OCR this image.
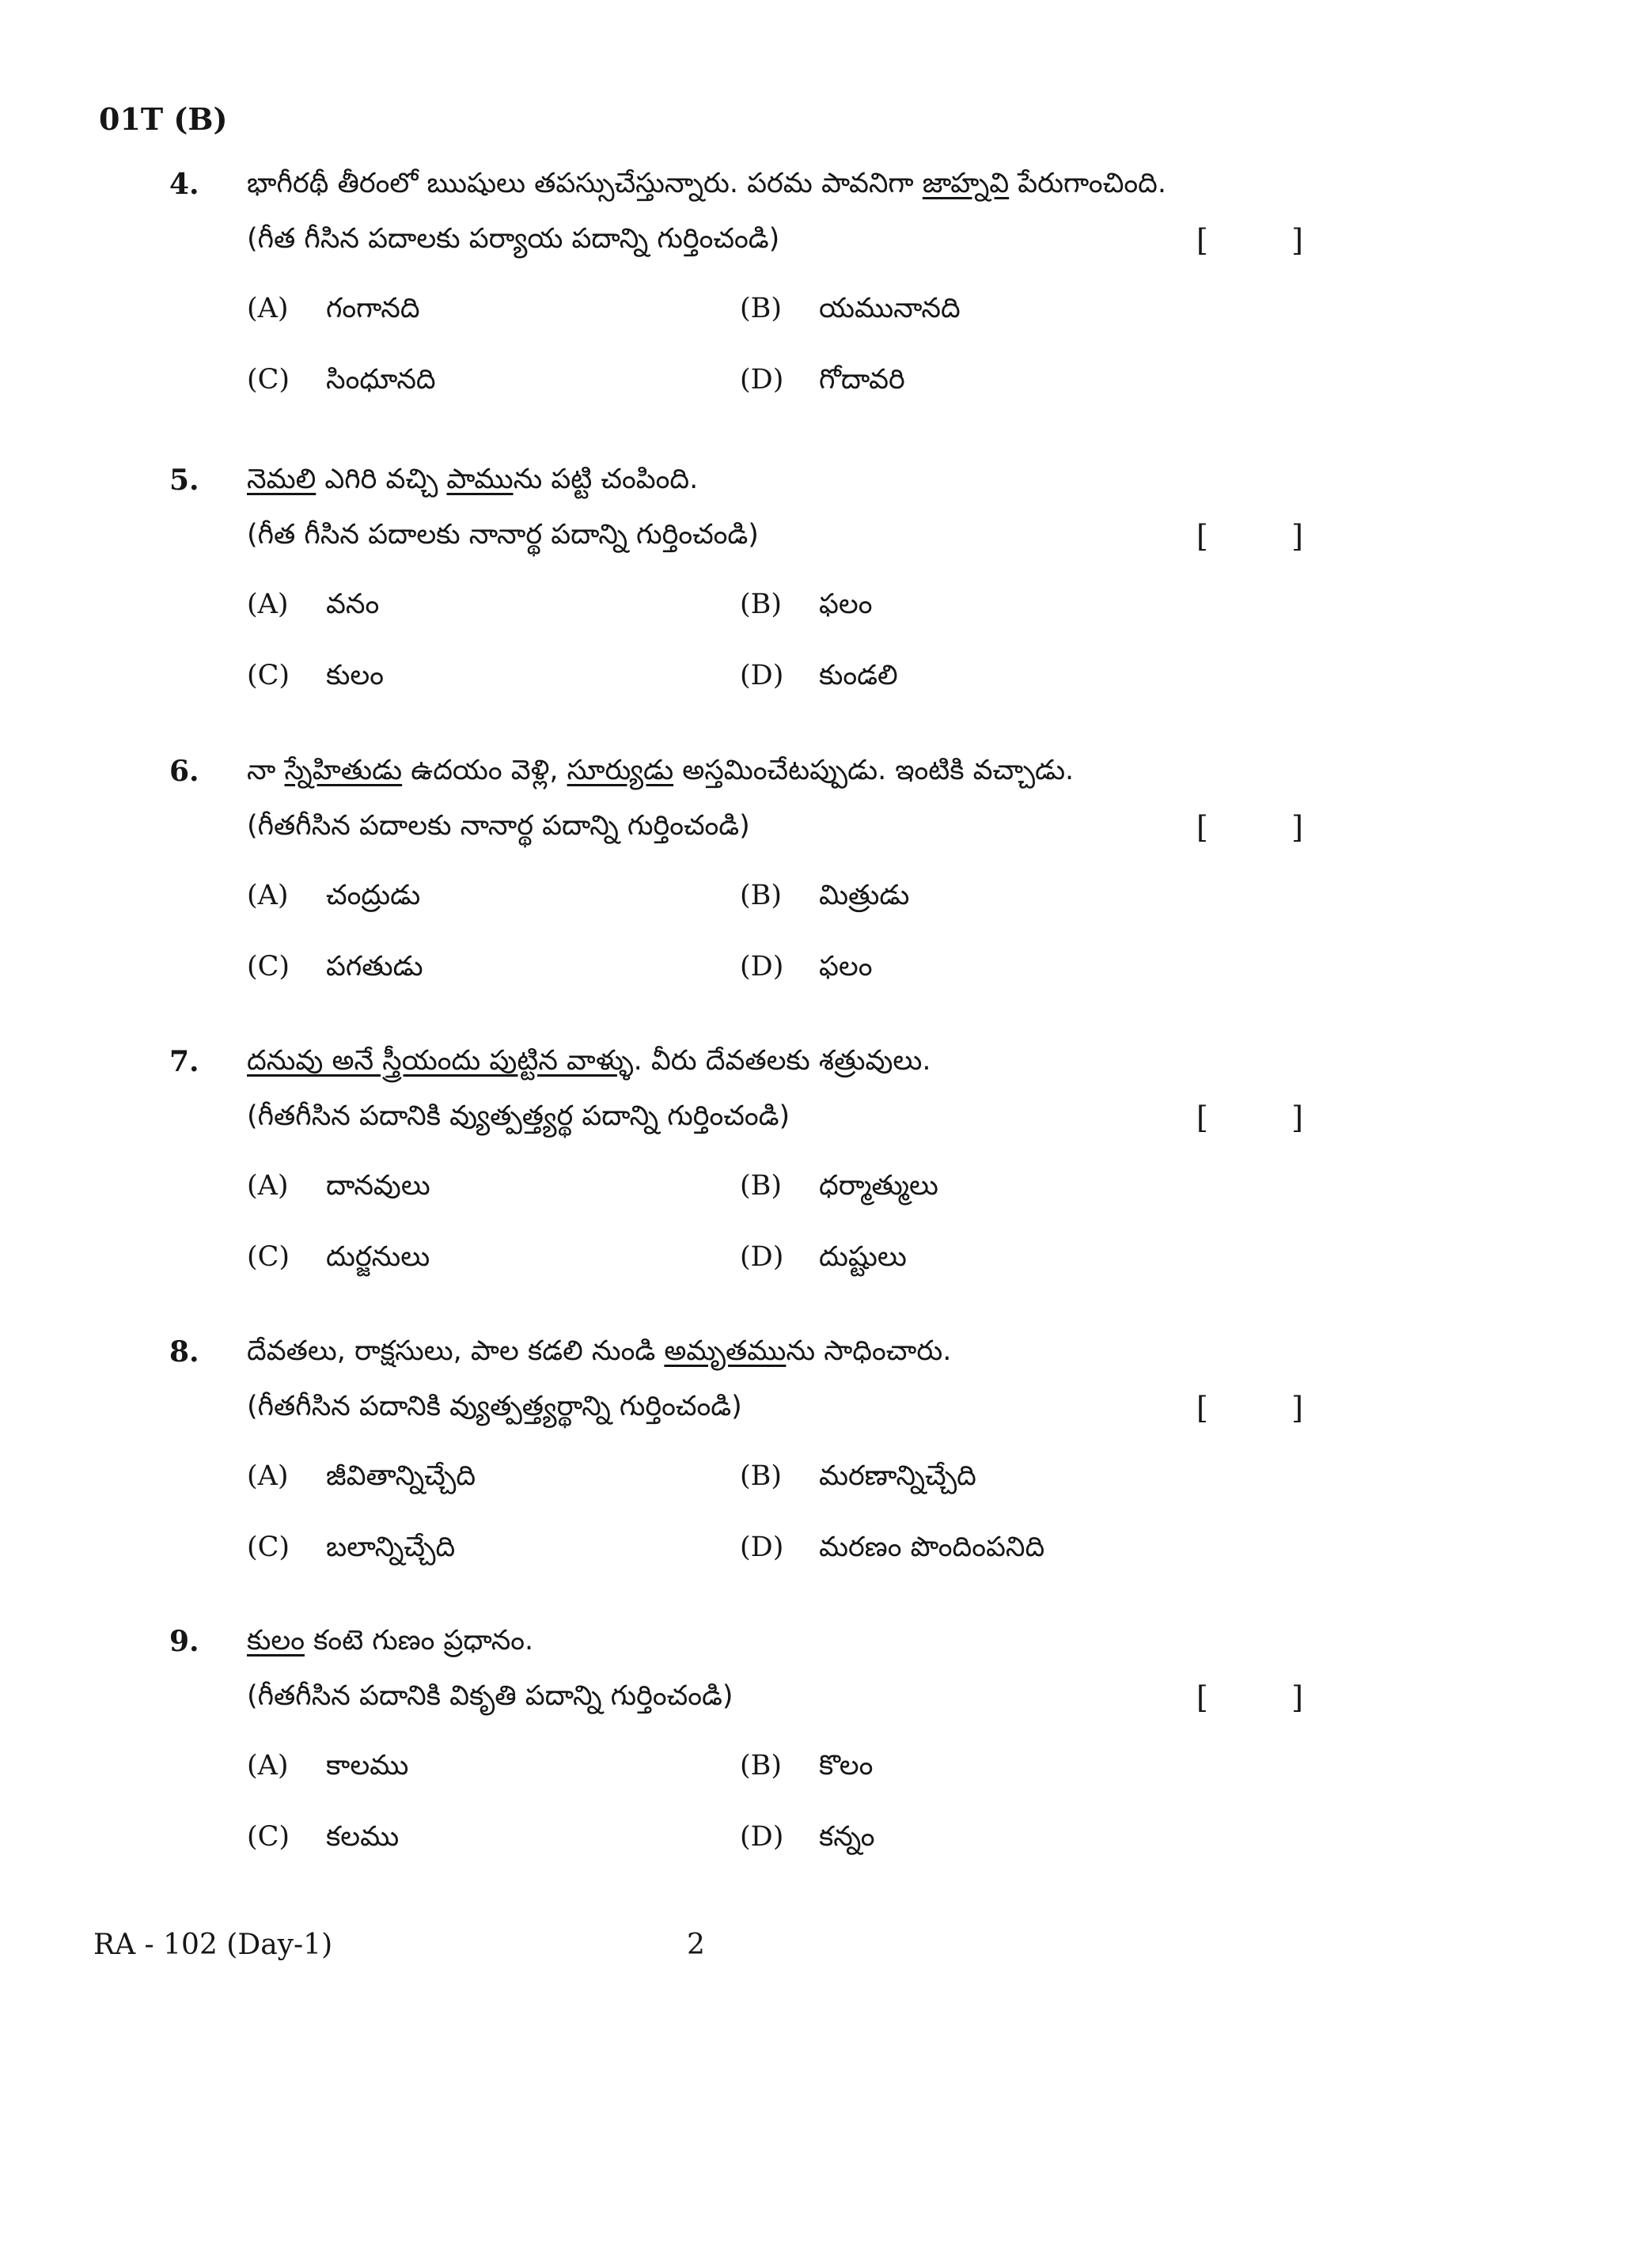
01T (B)
4. భాగీరథీ తీరంలో ఋషులు తపస్సుచేస్తున్నారు. పరమ పావనిగా జాహ్నవి పేరుగాంచింది.
(గీత గీసిన పదాలకు పర్యాయ పదాన్ని గుర్తించండి)	[	]
(A) గంగానది	(B) యమునానది
(C) సింధూనది	(D) గోదావరి
5. నెమలి ఎగిరి వచ్చి పామును పట్టి చంపింది.
(గీత గీసిన పదాలకు నానార్థ పదాన్ని గుర్తించండి)	[	]
(A) వనం	(B) ఫలం
(C) కులం	(D) కుండలి
6. నా స్నేహితుడు ఉదయం వెళ్లి, సూర్యుడు అస్తమించేటప్పుడు. ఇంటికి వచ్చాడు.
(గీతగీసిన పదాలకు నానార్థ పదాన్ని గుర్తించండి)	[	]
(A) చంద్రుడు	(B) మిత్రుడు
(C) పగతుడు	(D) ఫలం
7. దనువు అనే స్త్రీయందు పుట్టిన వాళ్ళు. వీరు దేవతలకు శత్రువులు.
(గీతగీసిన పదానికి వ్యుత్పత్త్యర్థ పదాన్ని గుర్తించండి)	[	]
(A) దానవులు	(B) ధర్మాత్ములు
(C) దుర్జనులు	(D) దుష్టులు
8. దేవతలు, రాక్షసులు, పాల కడలి నుండి అమృతమును సాధించారు.
(గీతగీసిన పదానికి వ్యుత్పత్త్యర్థాన్ని గుర్తించండి)	[	]
(A) జీవితాన్నిచ్చేది	(B) మరణాన్నిచ్చేది
(C) బలాన్నిచ్చేది	(D) మరణం పొందింపనిది
9. కులం కంటె గుణం ప్రధానం.
(గీతగీసిన పదానికి వికృతి పదాన్ని గుర్తించండి)	[	]
(A) కాలము	(B) కొలం
(C) కలము	(D) కన్నం
RA - 102 (Day-1)	2
